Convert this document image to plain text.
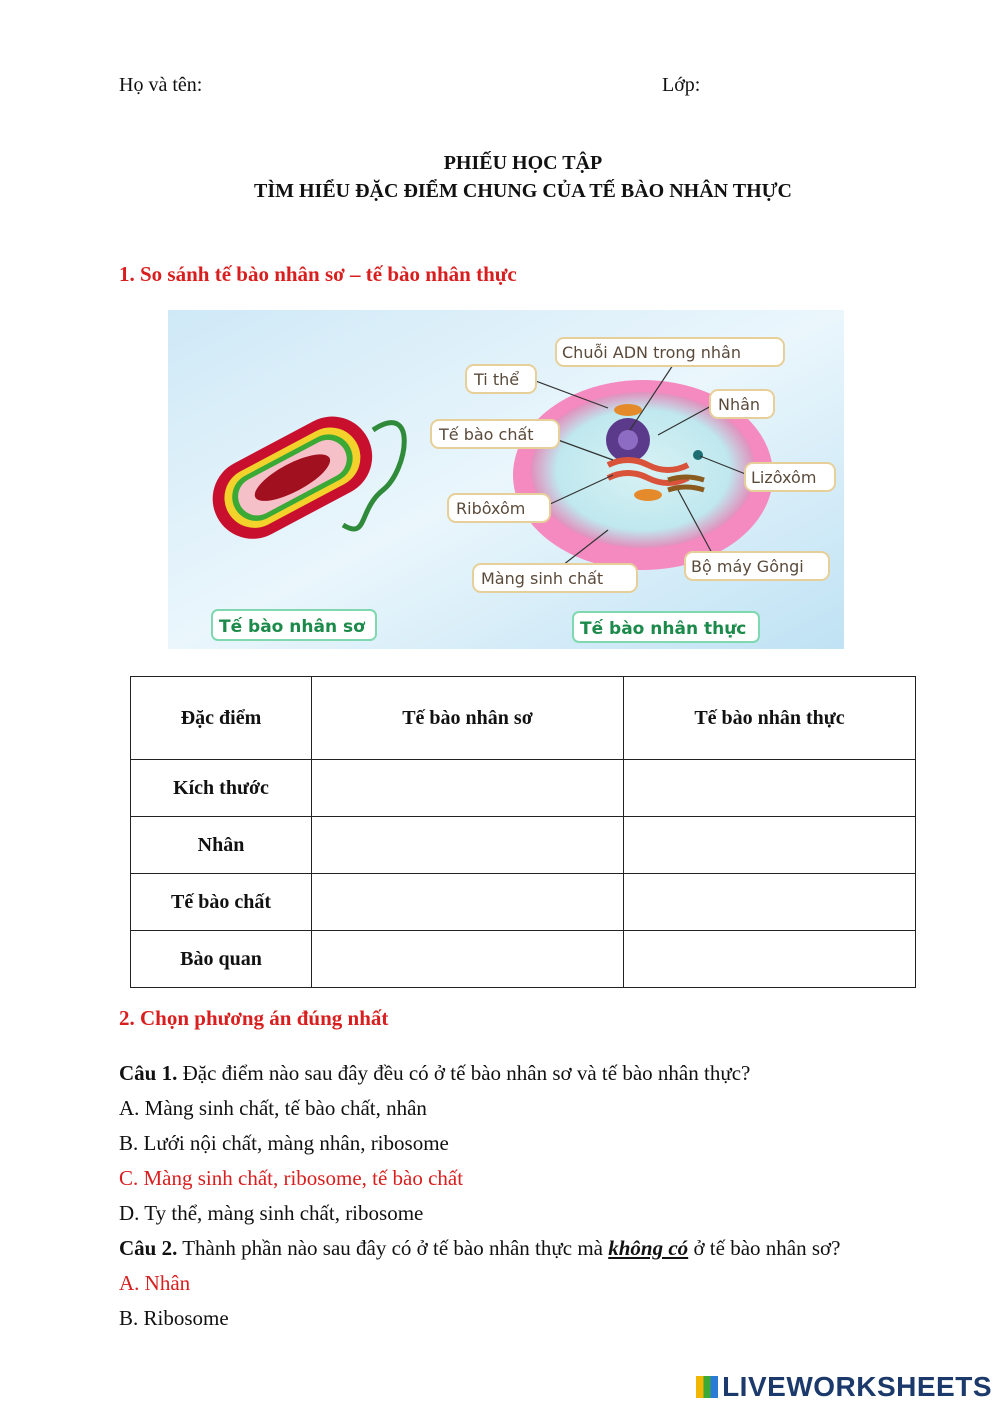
Họ và tên:	Lớp:
PHIẾU HỌC TẬP
TÌM HIỂU ĐẶC ĐIỂM CHUNG CỦA TẾ BÀO NHÂN THỰC
1. So sánh tế bào nhân sơ – tế bào nhân thực
Chuỗi ADN trong nhân
Ti thể
Nhân
Tế bào chất
Lizôxôm
Ribôxôm
Bộ máy Gôngi
Màng sinh chất
Tế bào nhân sơ	Tế bào nhân thực
Đặc điểm	Tế bào nhân sơ	Tế bào nhân thực
Kích thước		
Nhân		
Tế bào chất		
Bào quan		
2. Chọn phương án đúng nhất
Câu 1. Đặc điểm nào sau đây đều có ở tế bào nhân sơ và tế bào nhân thực?
A. Màng sinh chất, tế bào chất, nhân
B. Lưới nội chất, màng nhân, ribosome
C. Màng sinh chất, ribosome, tế bào chất
D. Ty thể, màng sinh chất, ribosome
Câu 2. Thành phần nào sau đây có ở tế bào nhân thực mà không có ở tế bào nhân sơ?
A. Nhân
B. Ribosome
LIVEWORKSHEETS
